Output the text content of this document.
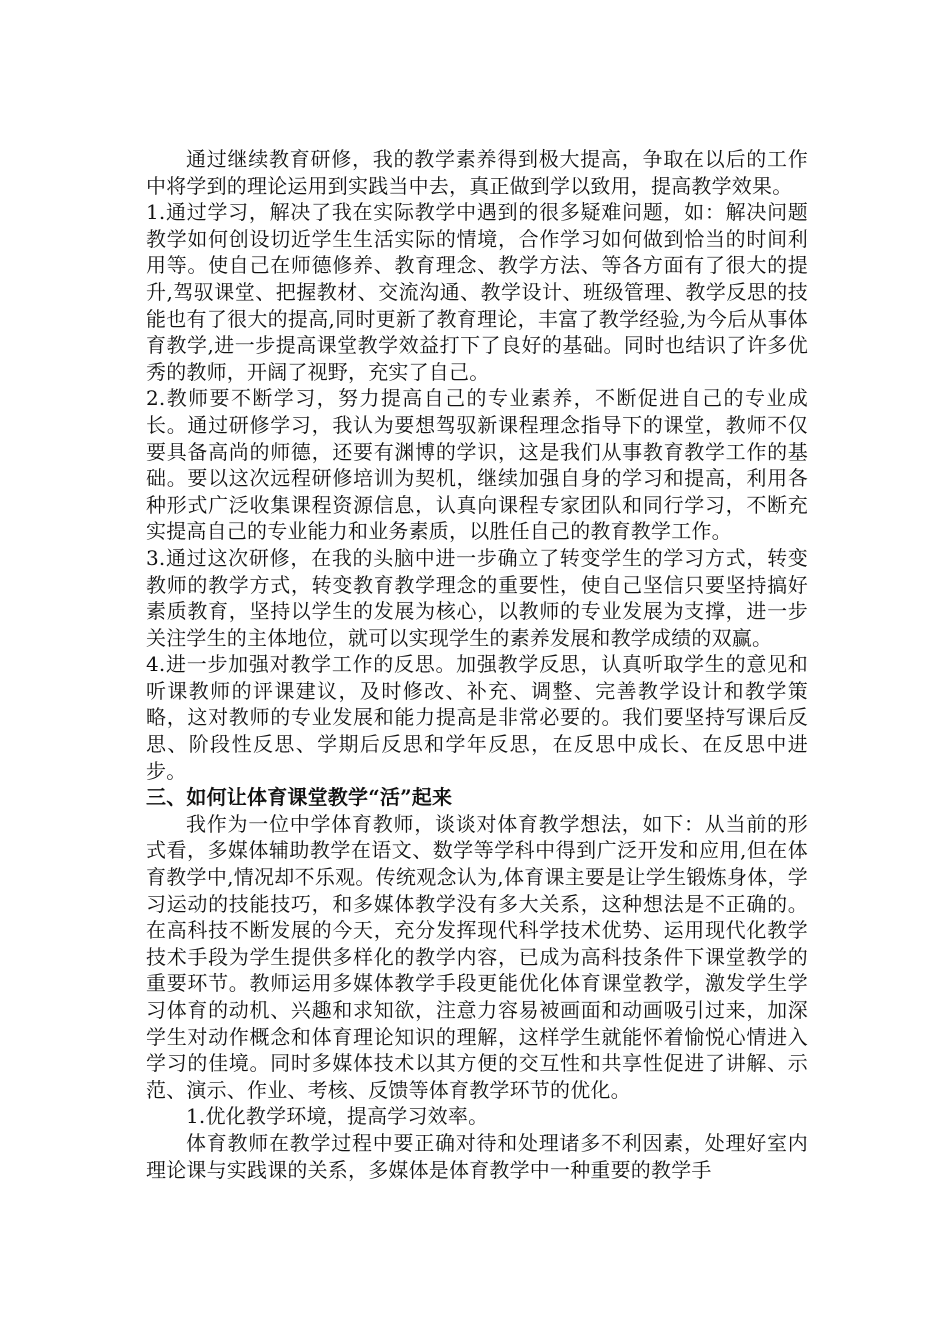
通过继续教育研修，我的教学素养得到极大提高，争取在以后的工作中将学到的理论运用到实践当中去，真正做到学以致用，提高教学效果。

1.通过学习，解决了我在实际教学中遇到的很多疑难问题，如：解决问题教学如何创设切近学生生活实际的情境，合作学习如何做到恰当的时间利用等。使自己在师德修养、教育理念、教学方法、等各方面有了很大的提升,驾驭课堂、把握教材、交流沟通、教学设计、班级管理、教学反思的技能也有了很大的提高,同时更新了教育理论，丰富了教学经验,为今后从事体育教学,进一步提高课堂教学效益打下了良好的基础。同时也结识了许多优秀的教师，开阔了视野，充实了自己。

2.教师要不断学习，努力提高自己的专业素养，不断促进自己的专业成长。通过研修学习，我认为要想驾驭新课程理念指导下的课堂，教师不仅要具备高尚的师德，还要有渊博的学识，这是我们从事教育教学工作的基础。要以这次远程研修培训为契机，继续加强自身的学习和提高，利用各种形式广泛收集课程资源信息，认真向课程专家团队和同行学习，不断充实提高自己的专业能力和业务素质，以胜任自己的教育教学工作。

3.通过这次研修，在我的头脑中进一步确立了转变学生的学习方式，转变教师的教学方式，转变教育教学理念的重要性，使自己坚信只要坚持搞好素质教育，坚持以学生的发展为核心，以教师的专业发展为支撑，进一步关注学生的主体地位，就可以实现学生的素养发展和教学成绩的双赢。

4.进一步加强对教学工作的反思。加强教学反思，认真听取学生的意见和听课教师的评课建议，及时修改、补充、调整、完善教学设计和教学策略，这对教师的专业发展和能力提高是非常必要的。我们要坚持写课后反思、阶段性反思、学期后反思和学年反思，在反思中成长、在反思中进步。

三、如何让体育课堂教学“活”起来

我作为一位中学体育教师，谈谈对体育教学想法，如下：从当前的形式看，多媒体辅助教学在语文、数学等学科中得到广泛开发和应用,但在体育教学中,情况却不乐观。传统观念认为,体育课主要是让学生锻炼身体，学习运动的技能技巧，和多媒体教学没有多大关系，这种想法是不正确的。在高科技不断发展的今天，充分发挥现代科学技术优势、运用现代化教学技术手段为学生提供多样化的教学内容，已成为高科技条件下课堂教学的重要环节。教师运用多媒体教学手段更能优化体育课堂教学，激发学生学习体育的动机、兴趣和求知欲，注意力容易被画面和动画吸引过来，加深学生对动作概念和体育理论知识的理解，这样学生就能怀着愉悦心情进入学习的佳境。同时多媒体技术以其方便的交互性和共享性促进了讲解、示范、演示、作业、考核、反馈等体育教学环节的优化。

1.优化教学环境，提高学习效率。

体育教师在教学过程中要正确对待和处理诸多不利因素，处理好室内理论课与实践课的关系，多媒体是体育教学中一种重要的教学手
